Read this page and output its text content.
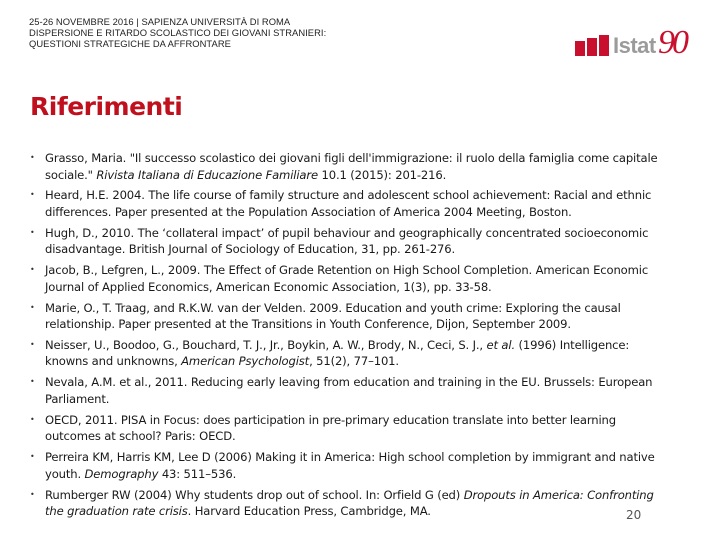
25-26 NOVEMBRE 2016 | SAPIENZA UNIVERSITÀ DI ROMA
DISPERSIONE E RITARDO SCOLASTICO DEI GIOVANI STRANIERI:
QUESTIONI STRATEGICHE DA AFFRONTARE	Istat 90
Riferimenti
• Grasso, Maria. "Il successo scolastico dei giovani figli dell'immigrazione: il ruolo della famiglia come capitale sociale." Rivista Italiana di Educazione Familiare 10.1 (2015): 201-216.
• Heard, H.E. 2004. The life course of family structure and adolescent school achievement: Racial and ethnic differences. Paper presented at the Population Association of America 2004 Meeting, Boston.
• Hugh, D., 2010. The ‘collateral impact’ of pupil behaviour and geographically concentrated socioeconomic disadvantage. British Journal of Sociology of Education, 31, pp. 261-276.
• Jacob, B., Lefgren, L., 2009. The Effect of Grade Retention on High School Completion. American Economic Journal of Applied Economics, American Economic Association, 1(3), pp. 33-58.
• Marie, O., T. Traag, and R.K.W. van der Velden. 2009. Education and youth crime: Exploring the causal relationship. Paper presented at the Transitions in Youth Conference, Dijon, September 2009.
• Neisser, U., Boodoo, G., Bouchard, T. J., Jr., Boykin, A. W., Brody, N., Ceci, S. J., et al. (1996) Intelligence: knowns and unknowns, American Psychologist, 51(2), 77–101.
• Nevala, A.M. et al., 2011. Reducing early leaving from education and training in the EU. Brussels: European Parliament.
• OECD, 2011. PISA in Focus: does participation in pre-primary education translate into better learning outcomes at school? Paris: OECD.
• Perreira KM, Harris KM, Lee D (2006) Making it in America: High school completion by immigrant and native youth. Demography 43: 511–536.
• Rumberger RW (2004) Why students drop out of school. In: Orfield G (ed) Dropouts in America: Confronting the graduation rate crisis. Harvard Education Press, Cambridge, MA.	20
